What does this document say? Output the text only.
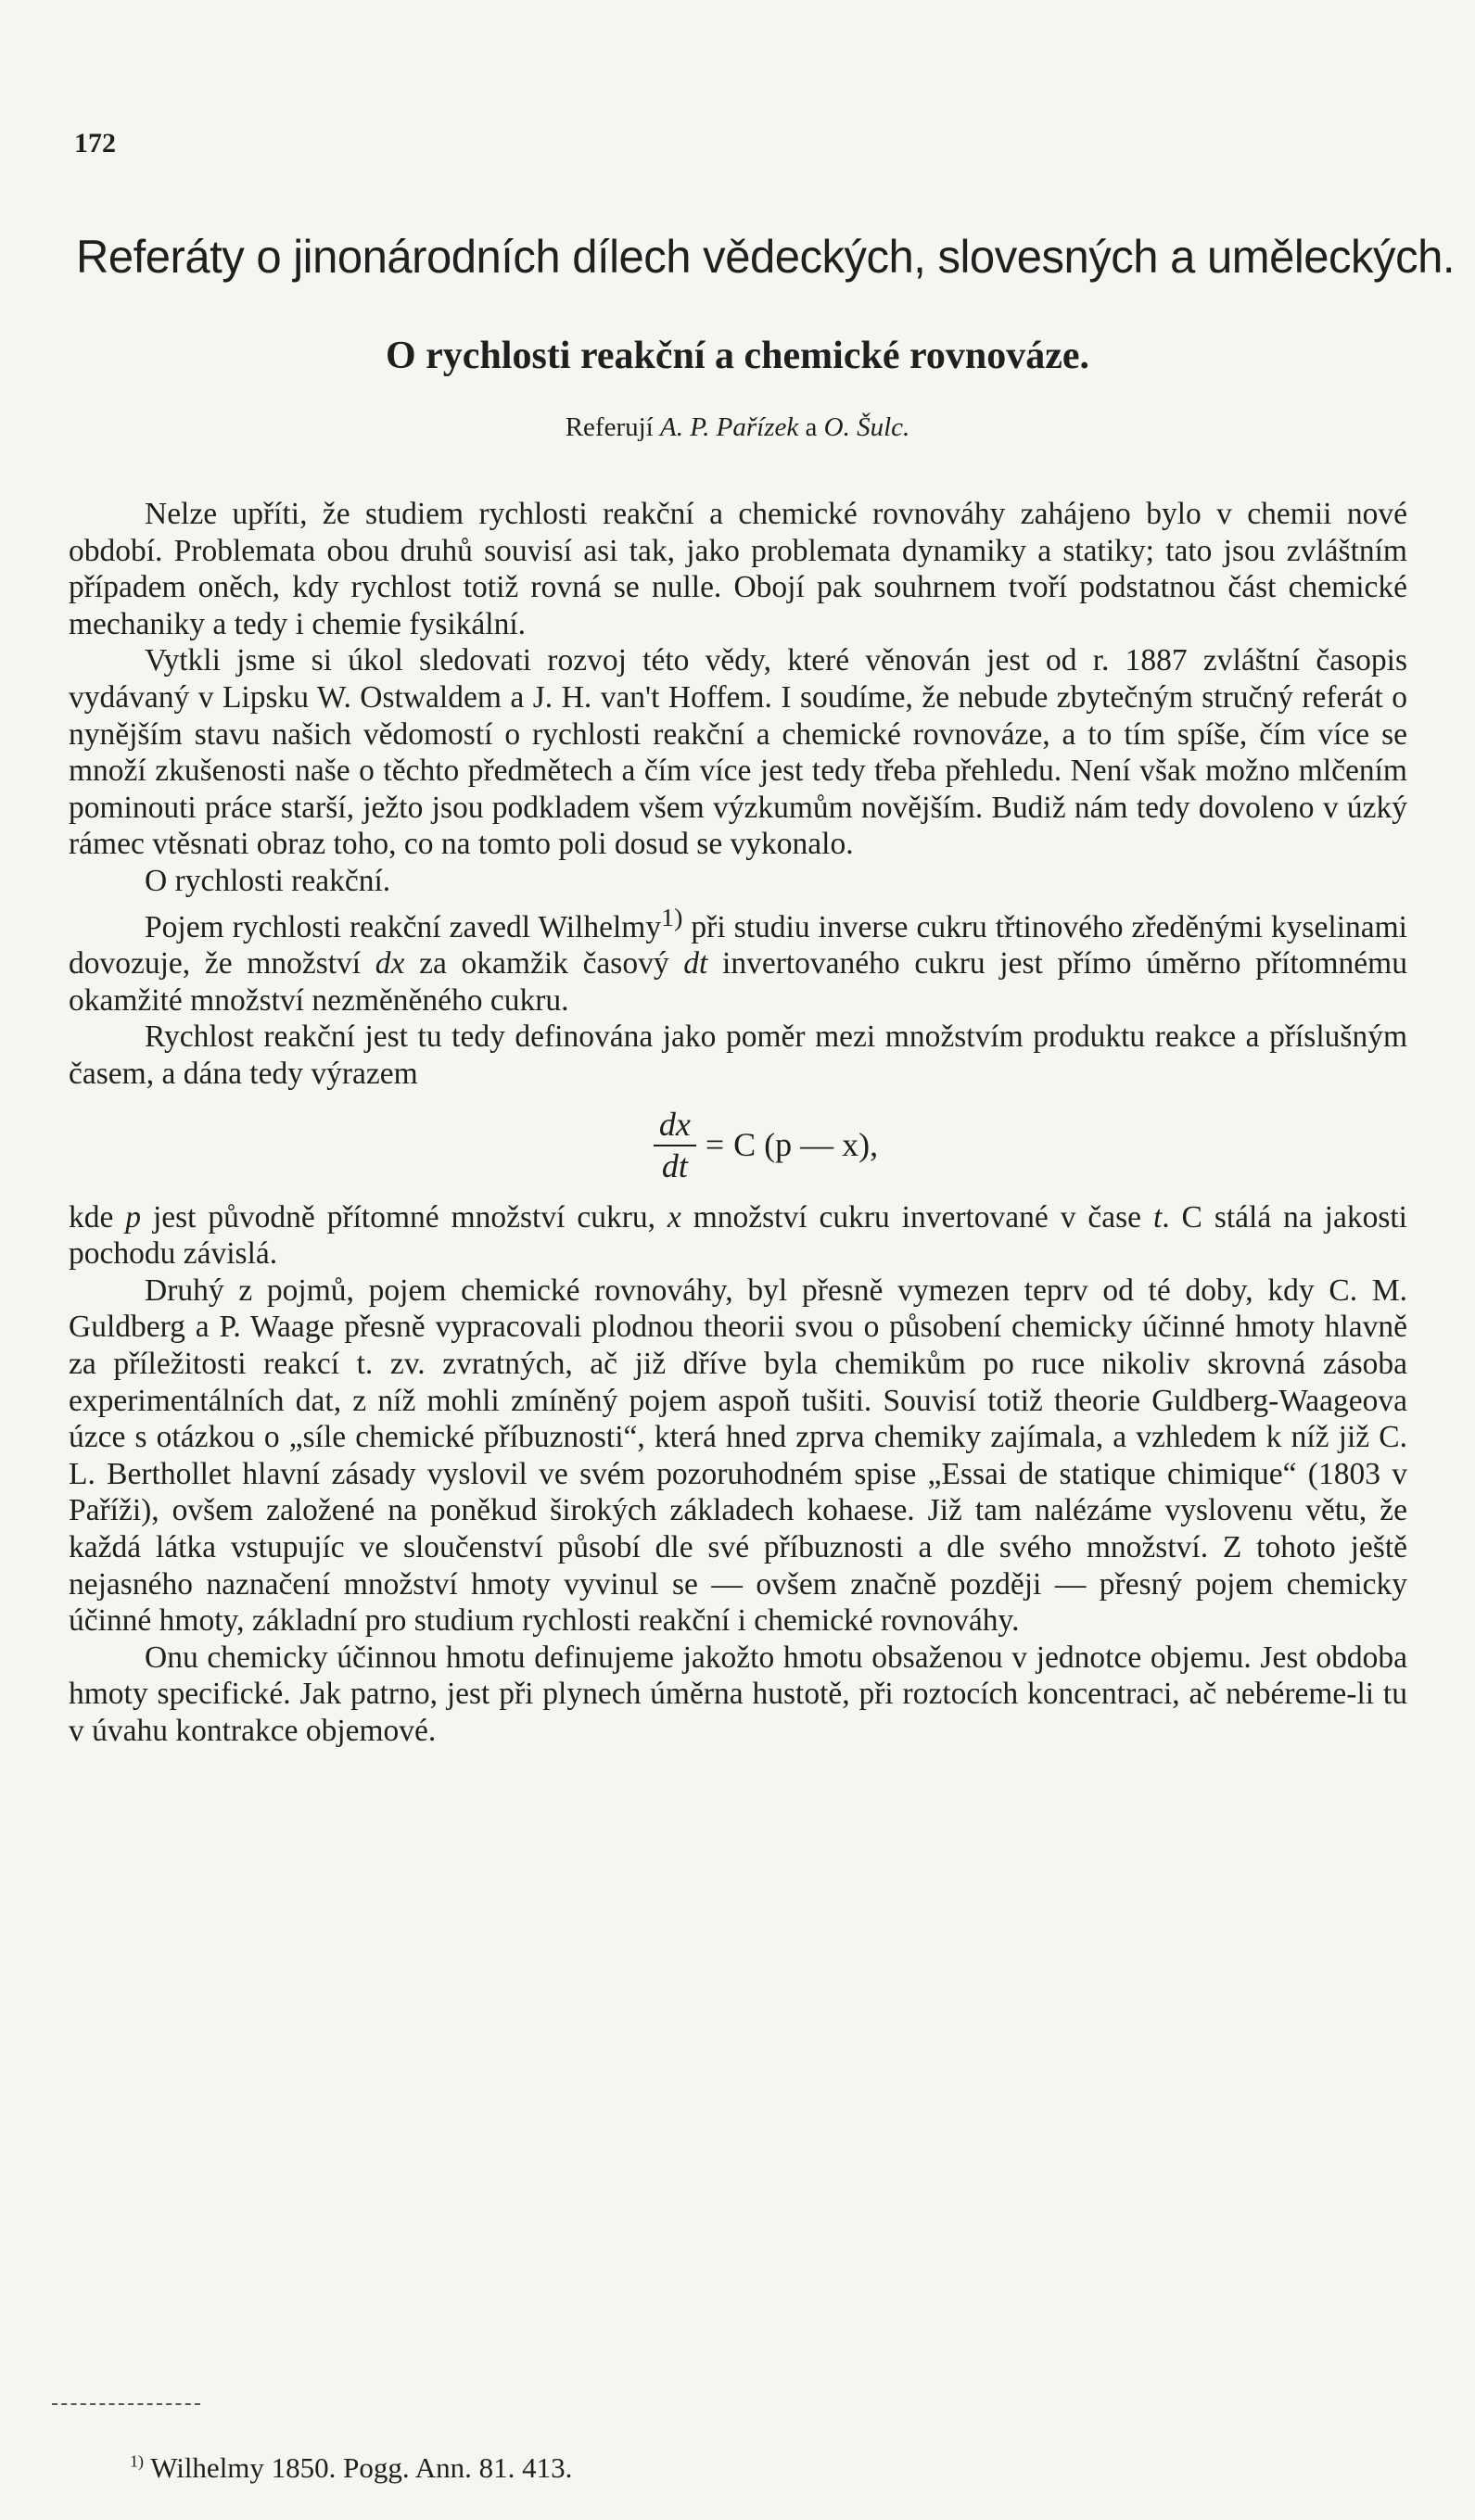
172
Referáty o jinonárodních dílech vědeckých, slovesných a uměleckých.
O rychlosti reakční a chemické rovnováze.
Referují A. P. Pařízek a O. Šulc.

Nelze upříti, že studiem rychlosti reakční a chemické rovnováhy zahájeno bylo v chemii nové období. Problemata obou druhů souvisí asi tak, jako problemata dynamiky a statiky; tato jsou zvláštním případem oněch, kdy rychlost totiž rovná se nulle. Obojí pak souhrnem tvoří podstatnou část chemické mechaniky a tedy i chemie fysikální.

Vytkli jsme si úkol sledovati rozvoj této vědy, které věnován jest od r. 1887 zvláštní časopis vydávaný v Lipsku W. Ostwaldem a J. H. van't Hoffem. I soudíme, že nebude zbytečným stručný referát o nynějším stavu našich vědomostí o rychlosti reakční a chemické rovnováze, a to tím spíše, čím více se množí zkušenosti naše o těchto předmětech a čím více jest tedy třeba přehledu. Není však možno mlčením pominouti práce starší, ježto jsou podkladem všem výzkumům novějším. Budiž nám tedy dovoleno v úzký rámec vtěsnati obraz toho, co na tomto poli dosud se vykonalo.

O rychlosti reakční.

Pojem rychlosti reakční zavedl Wilhelmy$^{1)}$ při studiu inverse cukru třtinového zředěnými kyselinami dovozuje, že množství dx za okamžik časový dt invertovaného cukru jest přímo úměrno přítomnému okamžité množství nezměněného cukru.

Rychlost reakční jest tu tedy definována jako poměr mezi množstvím produktu reakce a příslušným časem, a dána tedy výrazem

$\frac{dx}{dt} = C$ (p — x),

kde p jest původně přítomné množství cukru, x množství cukru invertované v čase t. C stálá na jakosti pochodu závislá.

Druhý z pojmů, pojem chemické rovnováhy, byl přesně vymezen teprv od té doby, kdy C. M. Guldberg a P. Waage přesně vypracovali plodnou theorii svou o působení chemicky účinné hmoty hlavně za příležitosti reakcí t. zv. zvratných, ač již dříve byla chemikům po ruce nikoliv skrovná zásoba experimentálních dat, z níž mohli zmíněný pojem aspoň tušiti. Souvisí totiž theorie Guldberg-Waageova úzce s otázkou o „síle chemické příbuznosti“, která hned zprva chemiky zajímala, a vzhledem k níž již C. L. Berthollet hlavní zásady vyslovil ve svém pozoruhodném spise „Essai de statique chimique“ (1803 v Paříži), ovšem založené na poněkud širokých základech kohaese. Již tam nalézáme vyslovenu větu, že každá látka vstupujíc ve sloučenství působí dle své příbuznosti a dle svého množství. Z tohoto ještě nejasného naznačení množství hmoty vyvinul se — ovšem značně později — přesný pojem chemicky účinné hmoty, základní pro studium rychlosti reakční i chemické rovnováhy.

Onu chemicky účinnou hmotu definujeme jakožto hmotu obsaženou v jednotce objemu. Jest obdoba hmoty specifické. Jak patrno, jest při plynech úměrna hustotě, při roztocích koncentraci, ač nebéreme-li tu v úvahu kontrakce objemové.

$^{1)}$ Wilhelmy 1850. Pogg. Ann. 81. 413.
